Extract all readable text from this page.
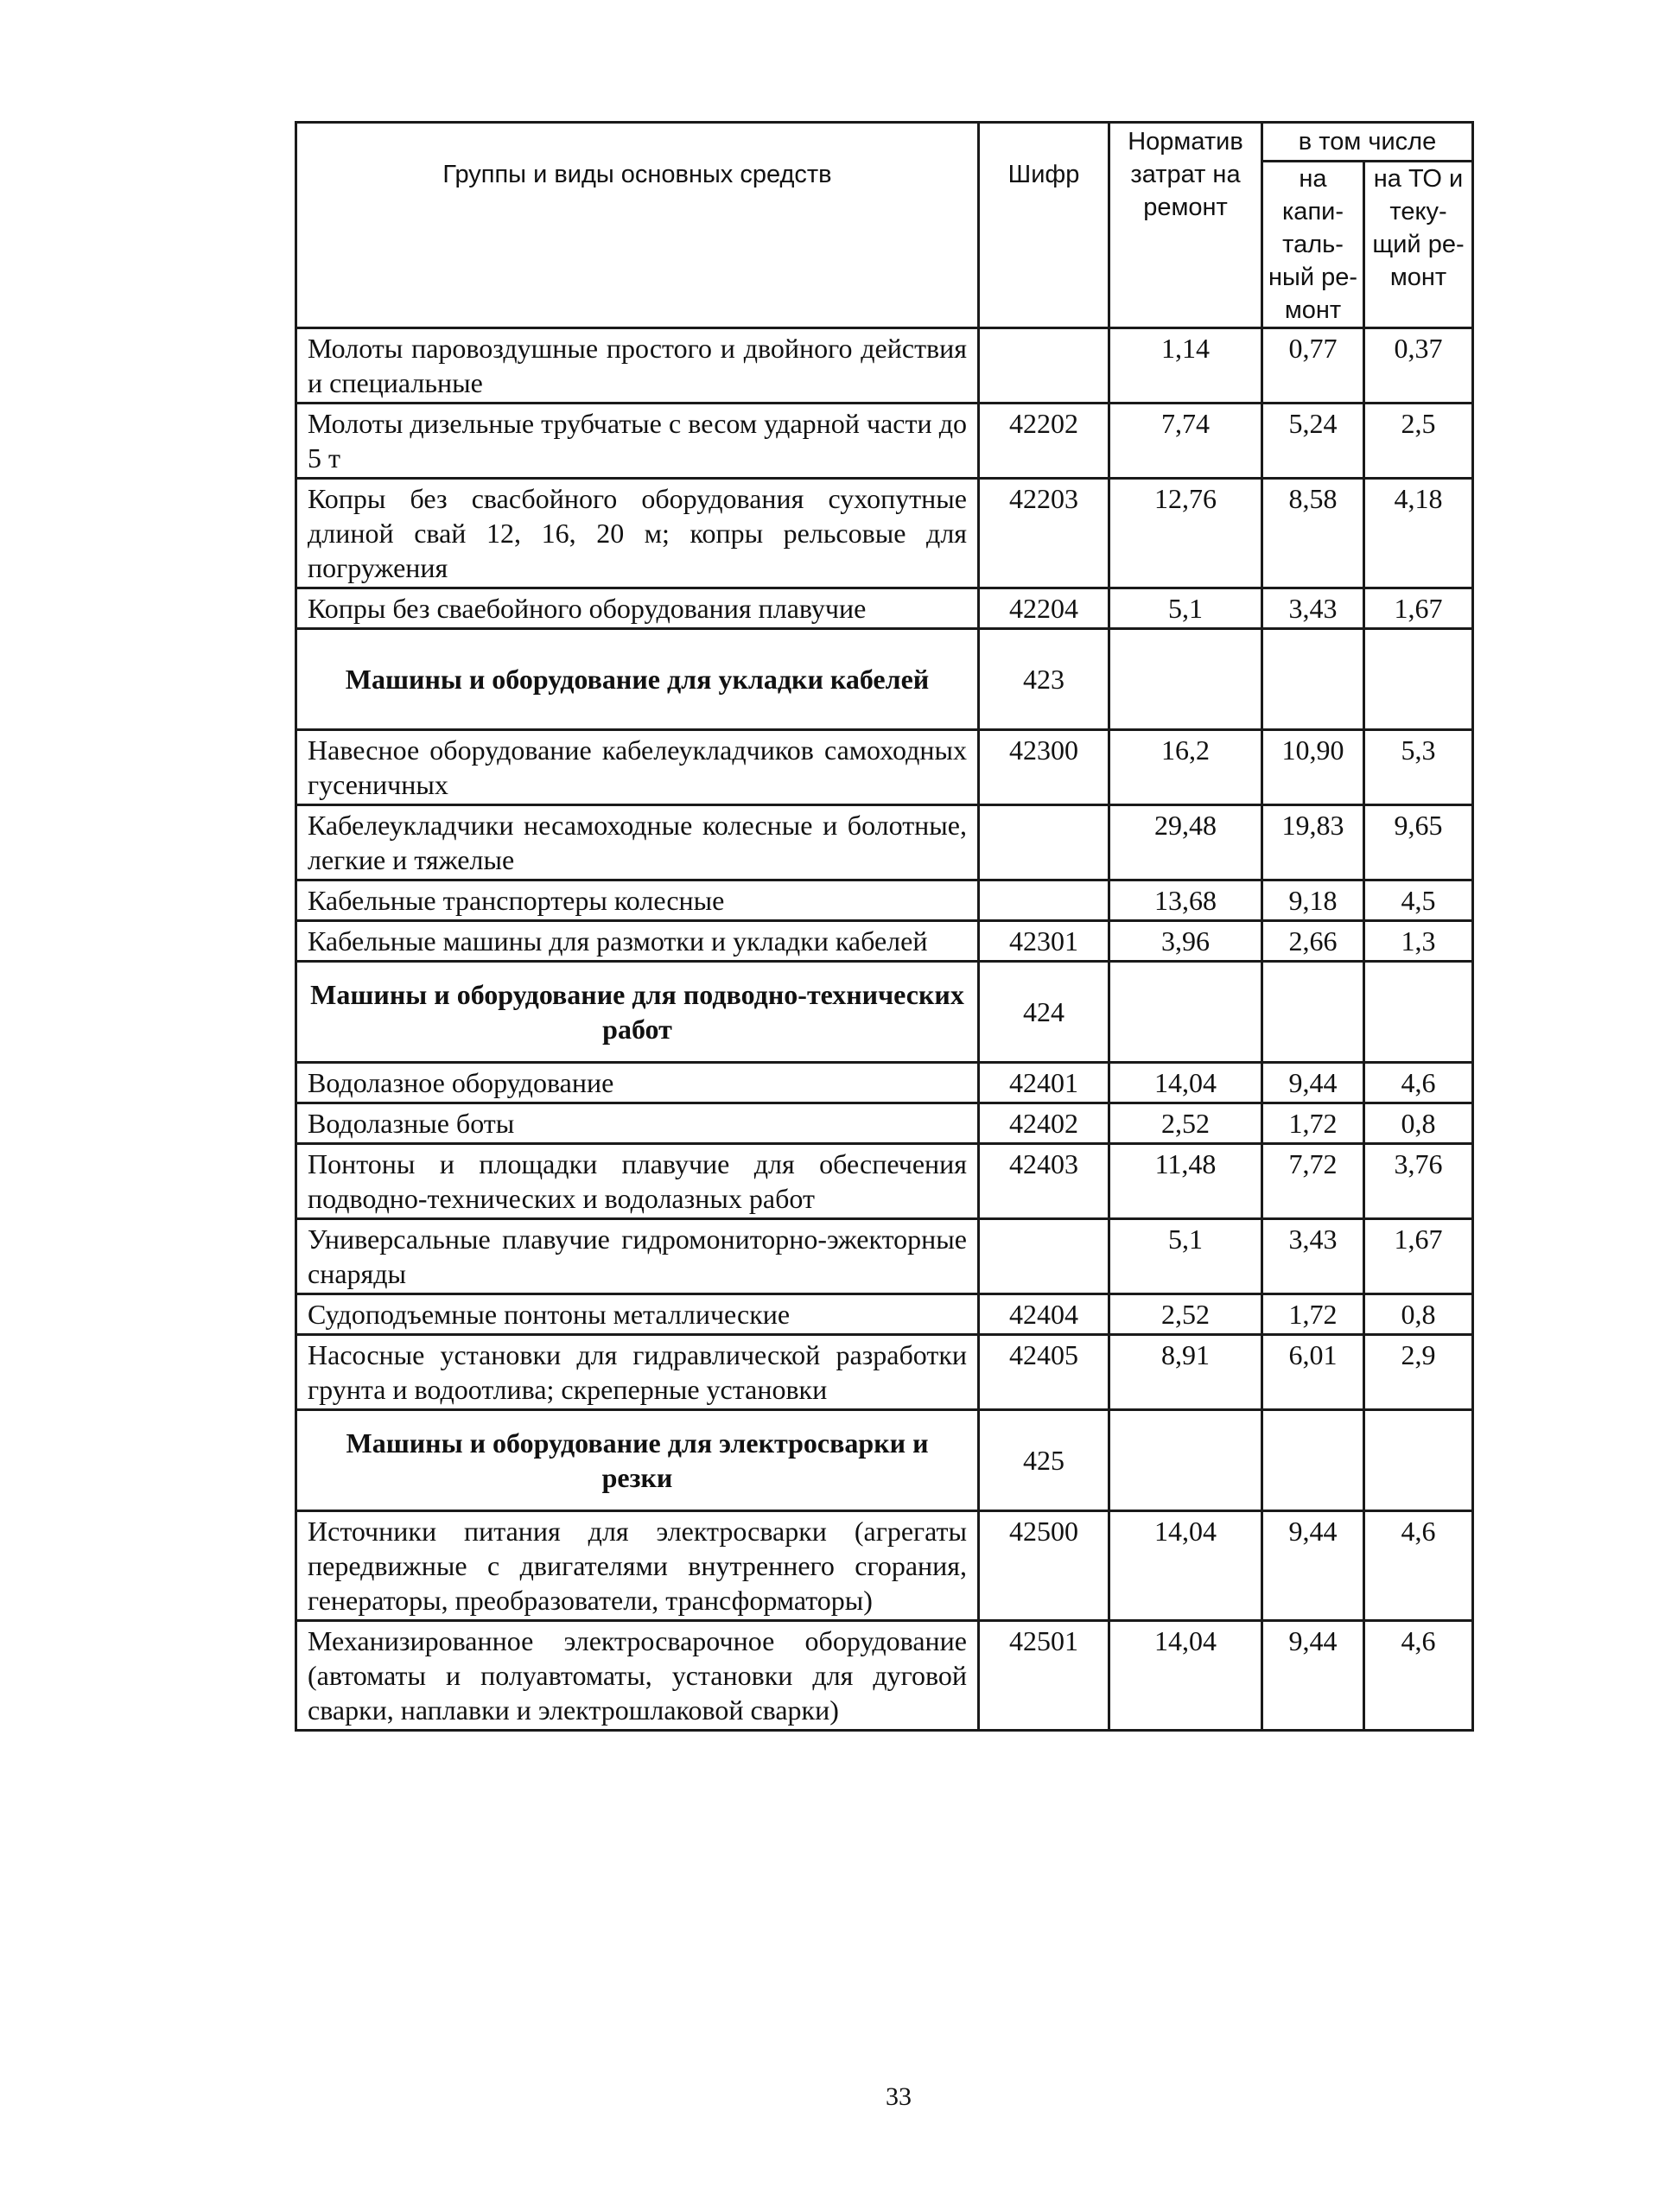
Группы и виды основных средств	Шифр	Норматив затрат на ремонт	в том числе	
			на капи- таль- ный ре- монт	на ТО и теку- щий ре- монт
Молоты паровоздушные простого и двойного действия и специальные		1,14	0,77	0,37
Молоты дизельные трубчатые с весом ударной части до 5 т	42202	7,74	5,24	2,5
Копры без свасбойного оборудования сухопутные длиной свай 12, 16, 20 м; копры рельсовые для погружения	42203	12,76	8,58	4,18
Копры без сваебойного оборудования плавучие	42204	5,1	3,43	1,67
Машины и оборудование для укладки кабелей	423			
Навесное оборудование кабелеукладчиков самоходных гусеничных	42300	16,2	10,90	5,3
Кабелеукладчики несамоходные колесные и болотные, легкие и тяжелые		29,48	19,83	9,65
Кабельные транспортеры колесные		13,68	9,18	4,5
Кабельные машины для размотки и укладки кабелей	42301	3,96	2,66	1,3
Машины и оборудование для подводно-технических работ	424			
Водолазное оборудование	42401	14,04	9,44	4,6
Водолазные боты	42402	2,52	1,72	0,8
Понтоны и площадки плавучие для обеспечения подводно-технических и водолазных работ	42403	11,48	7,72	3,76
Универсальные плавучие гидромониторно-эжекторные снаряды		5,1	3,43	1,67
Судоподъемные понтоны металлические	42404	2,52	1,72	0,8
Насосные установки для гидравлической разработки грунта и водоотлива; скреперные установки	42405	8,91	6,01	2,9
Машины и оборудование для электросварки и резки	425			
Источники питания для электросварки (агрегаты передвижные с двигателями внутреннего сгорания, генераторы, преобразователи, трансформаторы)	42500	14,04	9,44	4,6
Механизированное электросварочное оборудование (автоматы и полуавтоматы, установки для дуговой сварки, наплавки и электрошлаковой сварки)	42501	14,04	9,44	4,6
33
